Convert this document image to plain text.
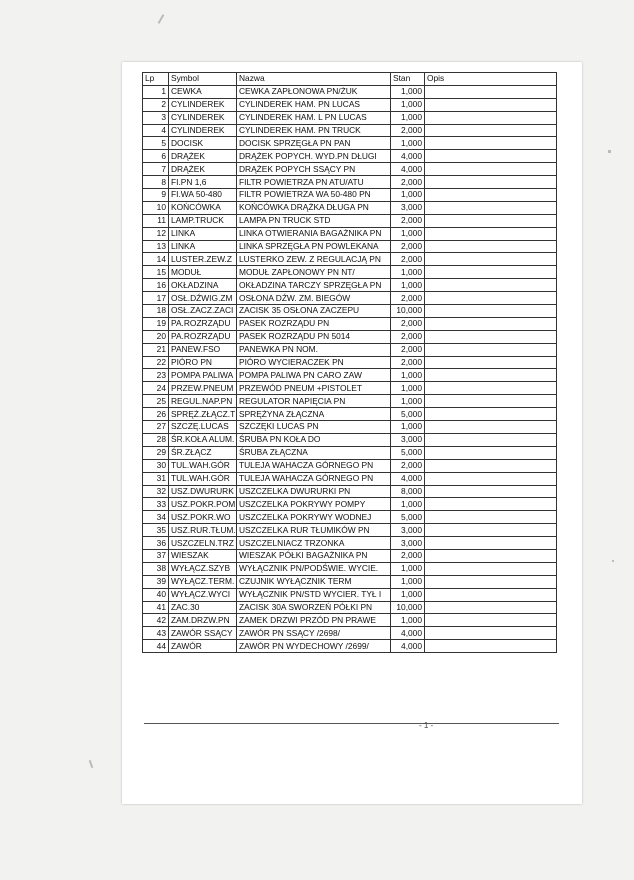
Lp	Symbol	Nazwa	Stan	Opis
1	CEWKA	CEWKA ZAPŁONOWA PN/ŻUK	1,000	
2	CYLINDEREK	CYLINDEREK HAM. PN LUCAS	1,000	
3	CYLINDEREK	CYLINDEREK HAM. L PN LUCAS	1,000	
4	CYLINDEREK	CYLINDEREK HAM. PN TRUCK	2,000	
5	DOCISK	DOCISK SPRZĘGŁA PN PAN	1,000	
6	DRĄŻEK	DRĄŻEK POPYCH. WYD.PN DŁUGI	4,000	
7	DRĄŻEK	DRĄŻEK POPYCH SSĄCY PN	4,000	
8	FI.PN 1,6	FILTR POWIETRZA PN ATU/ATU	2,000	
9	FI.WA 50-480	FILTR POWIETRZA WA 50-480 PN	1,000	
10	KOŃCÓWKA	KOŃCÓWKA DRĄŻKA DŁUGA PN	3,000	
11	LAMP.TRUCK	LAMPA PN TRUCK STD	2,000	
12	LINKA	LINKA OTWIERANIA BAGAŻNIKA PN	1,000	
13	LINKA	LINKA SPRZĘGŁA PN POWLEKANA	2,000	
14	LUSTER.ZEW.Z	LUSTERKO ZEW. Z REGULACJĄ PN	2,000	
15	MODUŁ	MODUŁ ZAPŁONOWY PN NT/	1,000	
16	OKŁADZINA	OKŁADZINA TARCZY SPRZĘGŁA PN	1,000	
17	OSŁ.DŹWIG.ZM	OSŁONA DŹW. ZM. BIEGÓW	2,000	
18	OSŁ.ZACZ.ZACI	ZACISK 35 OSŁONA ZACZEPU	10,000	
19	PA.ROZRZĄDU	PASEK ROZRZĄDU PN	2,000	
20	PA.ROZRZĄDU	PASEK ROZRZĄDU PN 5014	2,000	
21	PANEW.FSO	PANEWKA PN NOM.	2,000	
22	PIÓRO PN	PIÓRO WYCIERACZEK PN	2,000	
23	POMPA PALIWA	POMPA PALIWA PN CARO ZAW	1,000	
24	PRZEW.PNEUM	PRZEWÓD PNEUM +PISTOLET	1,000	
25	REGUL.NAP.PN	REGULATOR NAPIĘCIA PN	1,000	
26	SPRĘŻ.ZŁĄCZ.T	SPRĘŻYNA ZŁĄCZNA	5,000	
27	SZCZĘ.LUCAS	SZCZĘKI LUCAS PN	1,000	
28	ŚR.KOŁA ALUM.	ŚRUBA PN KOŁA DO	3,000	
29	ŚR.ZŁĄCZ	ŚRUBA ZŁĄCZNA	5,000	
30	TUL.WAH.GÓR	TULEJA WAHACZA GÓRNEGO PN	2,000	
31	TUL.WAH.GÓR	TULEJA WAHACZA GÓRNEGO PN	4,000	
32	USZ.DWURURK	USZCZELKA DWURURKI PN	8,000	
33	USZ.POKR.POM	USZCZELKA POKRYWY POMPY	1,000	
34	USZ.POKR.WO	USZCZELKA POKRYWY WODNEJ	5,000	
35	USZ.RUR.TŁUM.	USZCZELKA RUR TŁUMIKÓW PN	3,000	
36	USZCZELN.TRZ	USZCZELNIACZ TRZONKA	3,000	
37	WIESZAK	WIESZAK PÓŁKI BAGAŻNIKA PN	2,000	
38	WYŁĄCZ.SZYB	WYŁĄCZNIK PN/PODŚWIE. WYCIE.	1,000	
39	WYŁĄCZ.TERM.	CZUJNIK WYŁĄCZNIK TERM	1,000	
40	WYŁĄCZ.WYCI	WYŁĄCZNIK PN/STD WYCIER. TYŁ I	1,000	
41	ZAC.30	ZACISK 30A SWORZEŃ PÓŁKI PN	10,000	
42	ZAM.DRZW.PN	ZAMEK DRZWI PRZÓD PN PRAWE	1,000	
43	ZAWÓR SSĄCY	ZAWÓR PN SSĄCY /2698/	4,000	
44	ZAWÓR	ZAWÓR PN WYDECHOWY /2699/	4,000	
- 1 -
